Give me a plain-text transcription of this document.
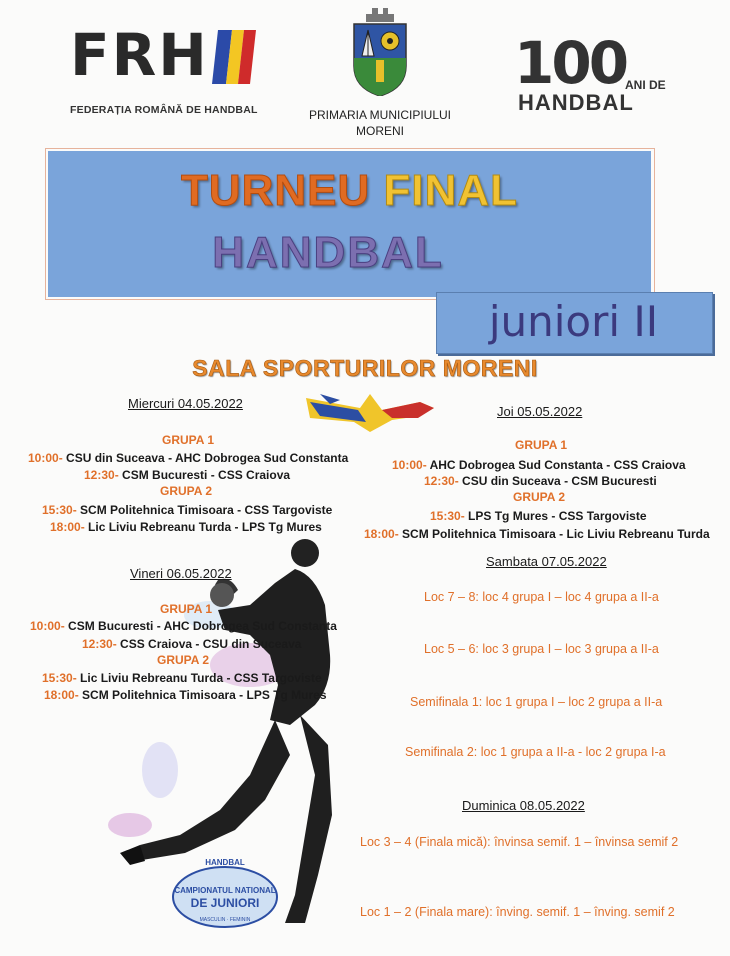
FRH
FEDERAȚIA ROMÂNĂ DE HANDBAL	PRIMARIA MUNICIPIULUI
MORENI
100
ANI DE
HANDBAL
TURNEU FINAL
HANDBAL
juniori II
SALA SPORTURILOR MORENI
Miercuri 04.05.2022
GRUPA 1
10:00- CSU din Suceava - AHC Dobrogea Sud Constanta
12:30- CSM Bucuresti - CSS Craiova
GRUPA 2
15:30- SCM Politehnica Timisoara - CSS Targoviste
18:00- Lic Liviu Rebreanu Turda - LPS Tg Mures
Joi 05.05.2022
GRUPA 1
10:00- AHC Dobrogea Sud Constanta - CSS Craiova
12:30- CSU din Suceava - CSM Bucuresti
GRUPA 2
15:30- LPS Tg Mures - CSS Targoviste
18:00- SCM Politehnica Timisoara - Lic Liviu Rebreanu Turda
Vineri 06.05.2022
GRUPA 1
10:00- CSM Bucuresti - AHC Dobrogea Sud Constanta
12:30- CSS Craiova - CSU din Suceava
GRUPA 2
15:30- Lic Liviu Rebreanu Turda - CSS Targoviste
18:00- SCM Politehnica Timisoara - LPS Tg Mures
Sambata 07.05.2022
Loc 7 – 8: loc 4 grupa I – loc 4 grupa a II-a
Loc 5 – 6: loc 3 grupa I – loc 3 grupa a II-a
Semifinala 1: loc 1 grupa I – loc 2 grupa a II-a
Semifinala 2: loc 1 grupa a II-a - loc 2 grupa I-a
Duminica 08.05.2022
Loc 3 – 4 (Finala mică): învinsa semif. 1 – învinsa semif 2
Loc 1 – 2 (Finala mare): înving. semif. 1 – înving. semif 2
HANDBAL
CAMPIONATUL NATIONAL
DE JUNIORI
MASCULIN · FEMININ
